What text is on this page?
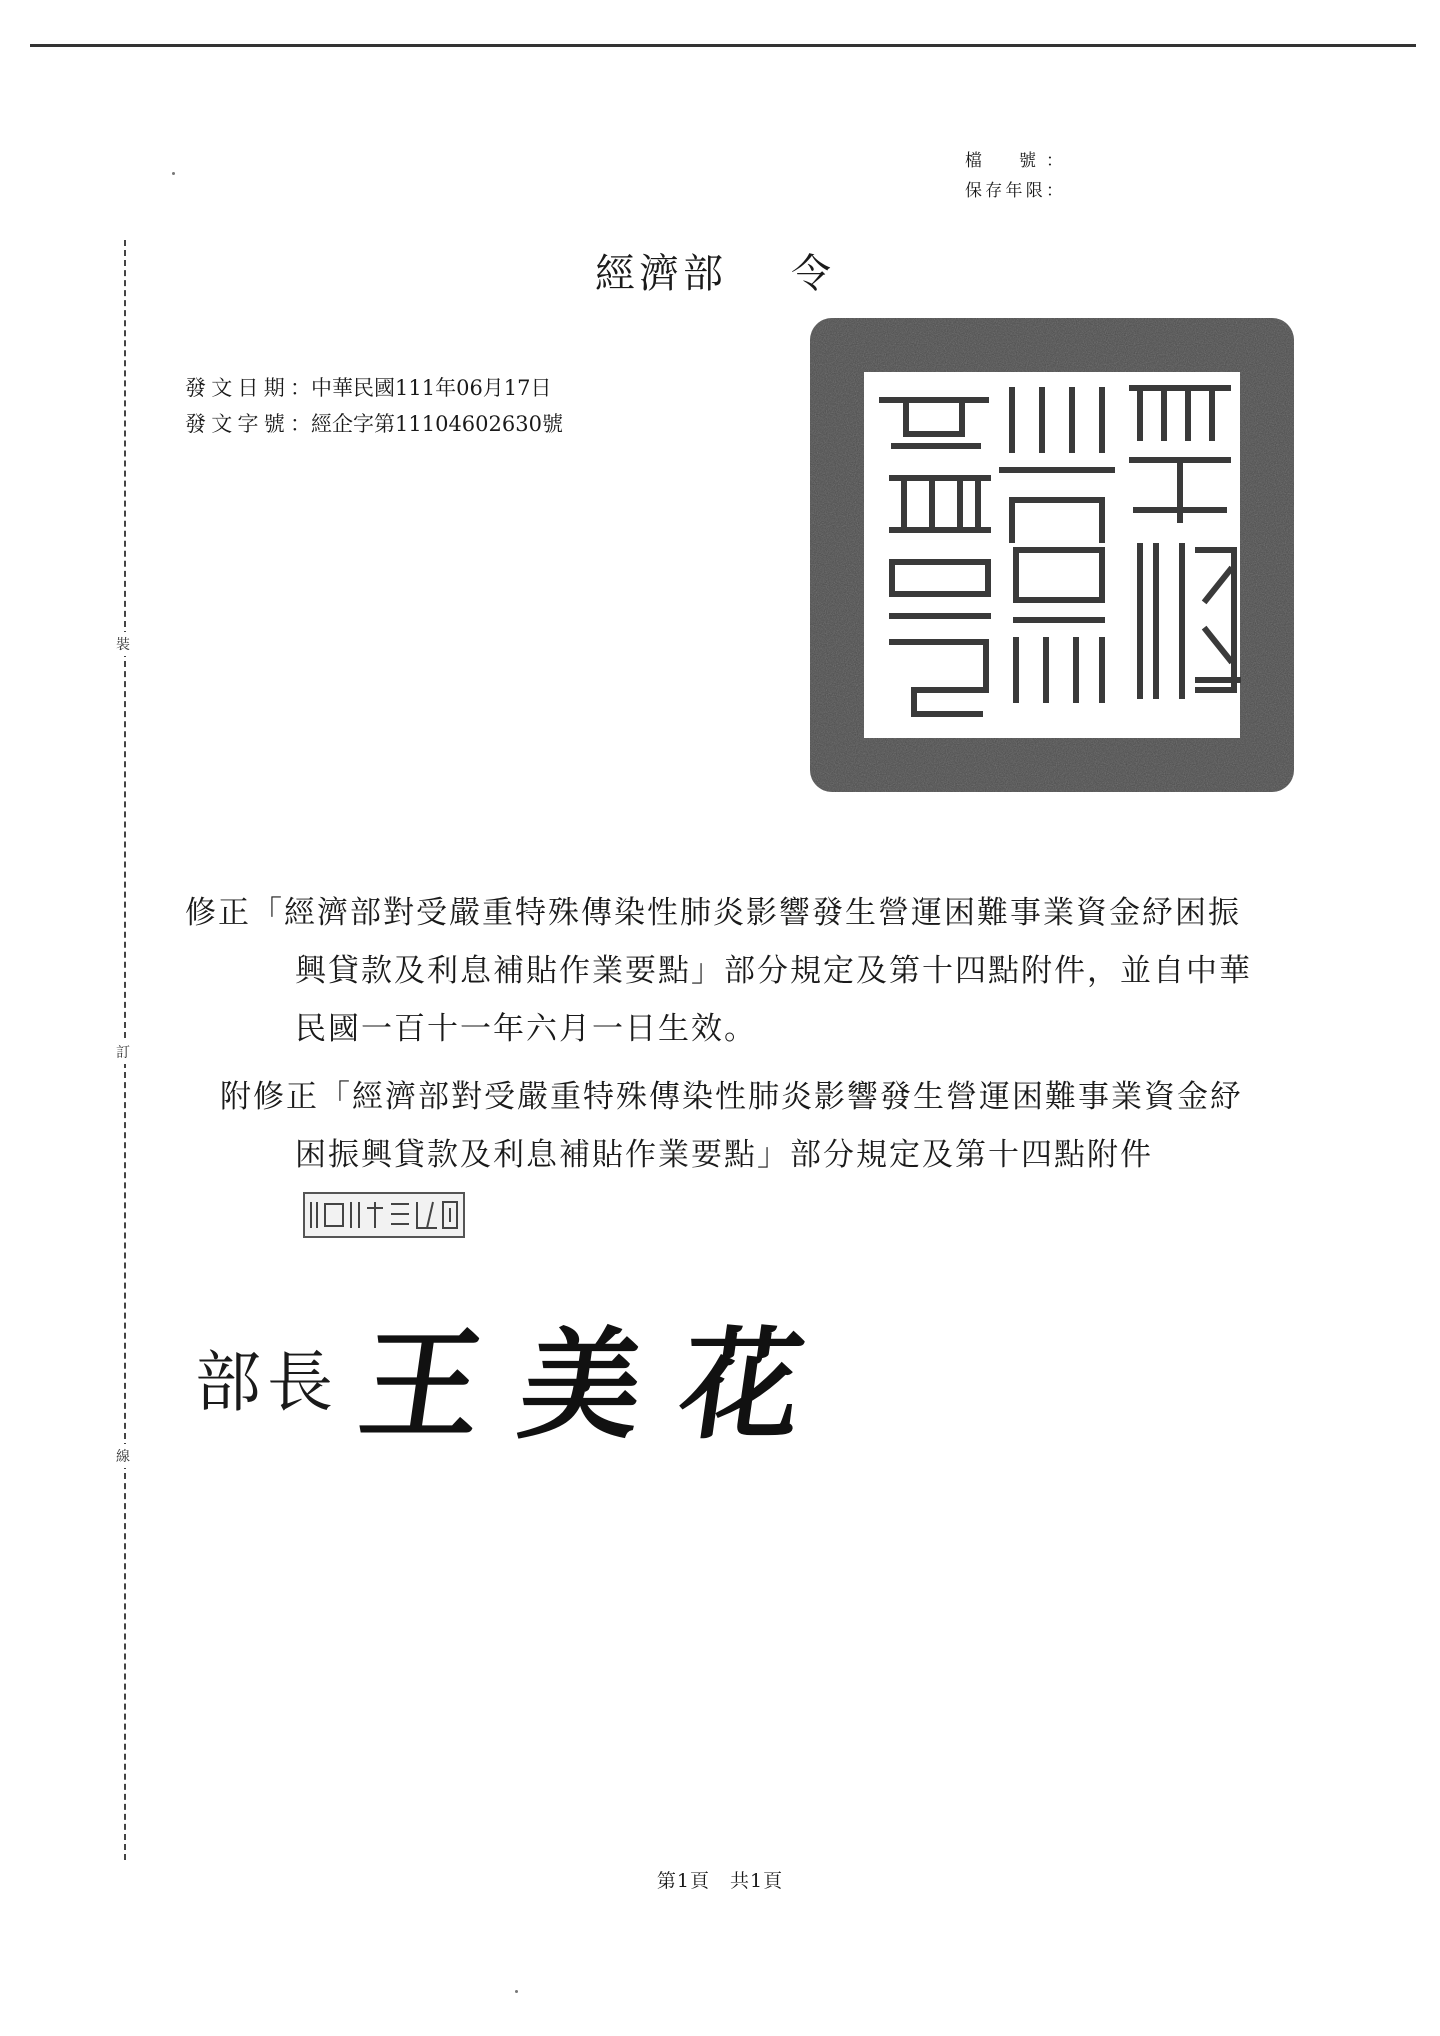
裝
訂
線
檔　號：
保存年限：
經濟部 令
發文日期：中華民國111年06月17日
發文字號：經企字第11104602630號
修正「經濟部對受嚴重特殊傳染性肺炎影響發生營運困難事業資金紓困振興貸款及利息補貼作業要點」部分規定及第十四點附件，並自中華民國一百十一年六月一日生效。
附修正「經濟部對受嚴重特殊傳染性肺炎影響發生營運困難事業資金紓困振興貸款及利息補貼作業要點」部分規定及第十四點附件
部長 王美花
第1頁 共1頁
